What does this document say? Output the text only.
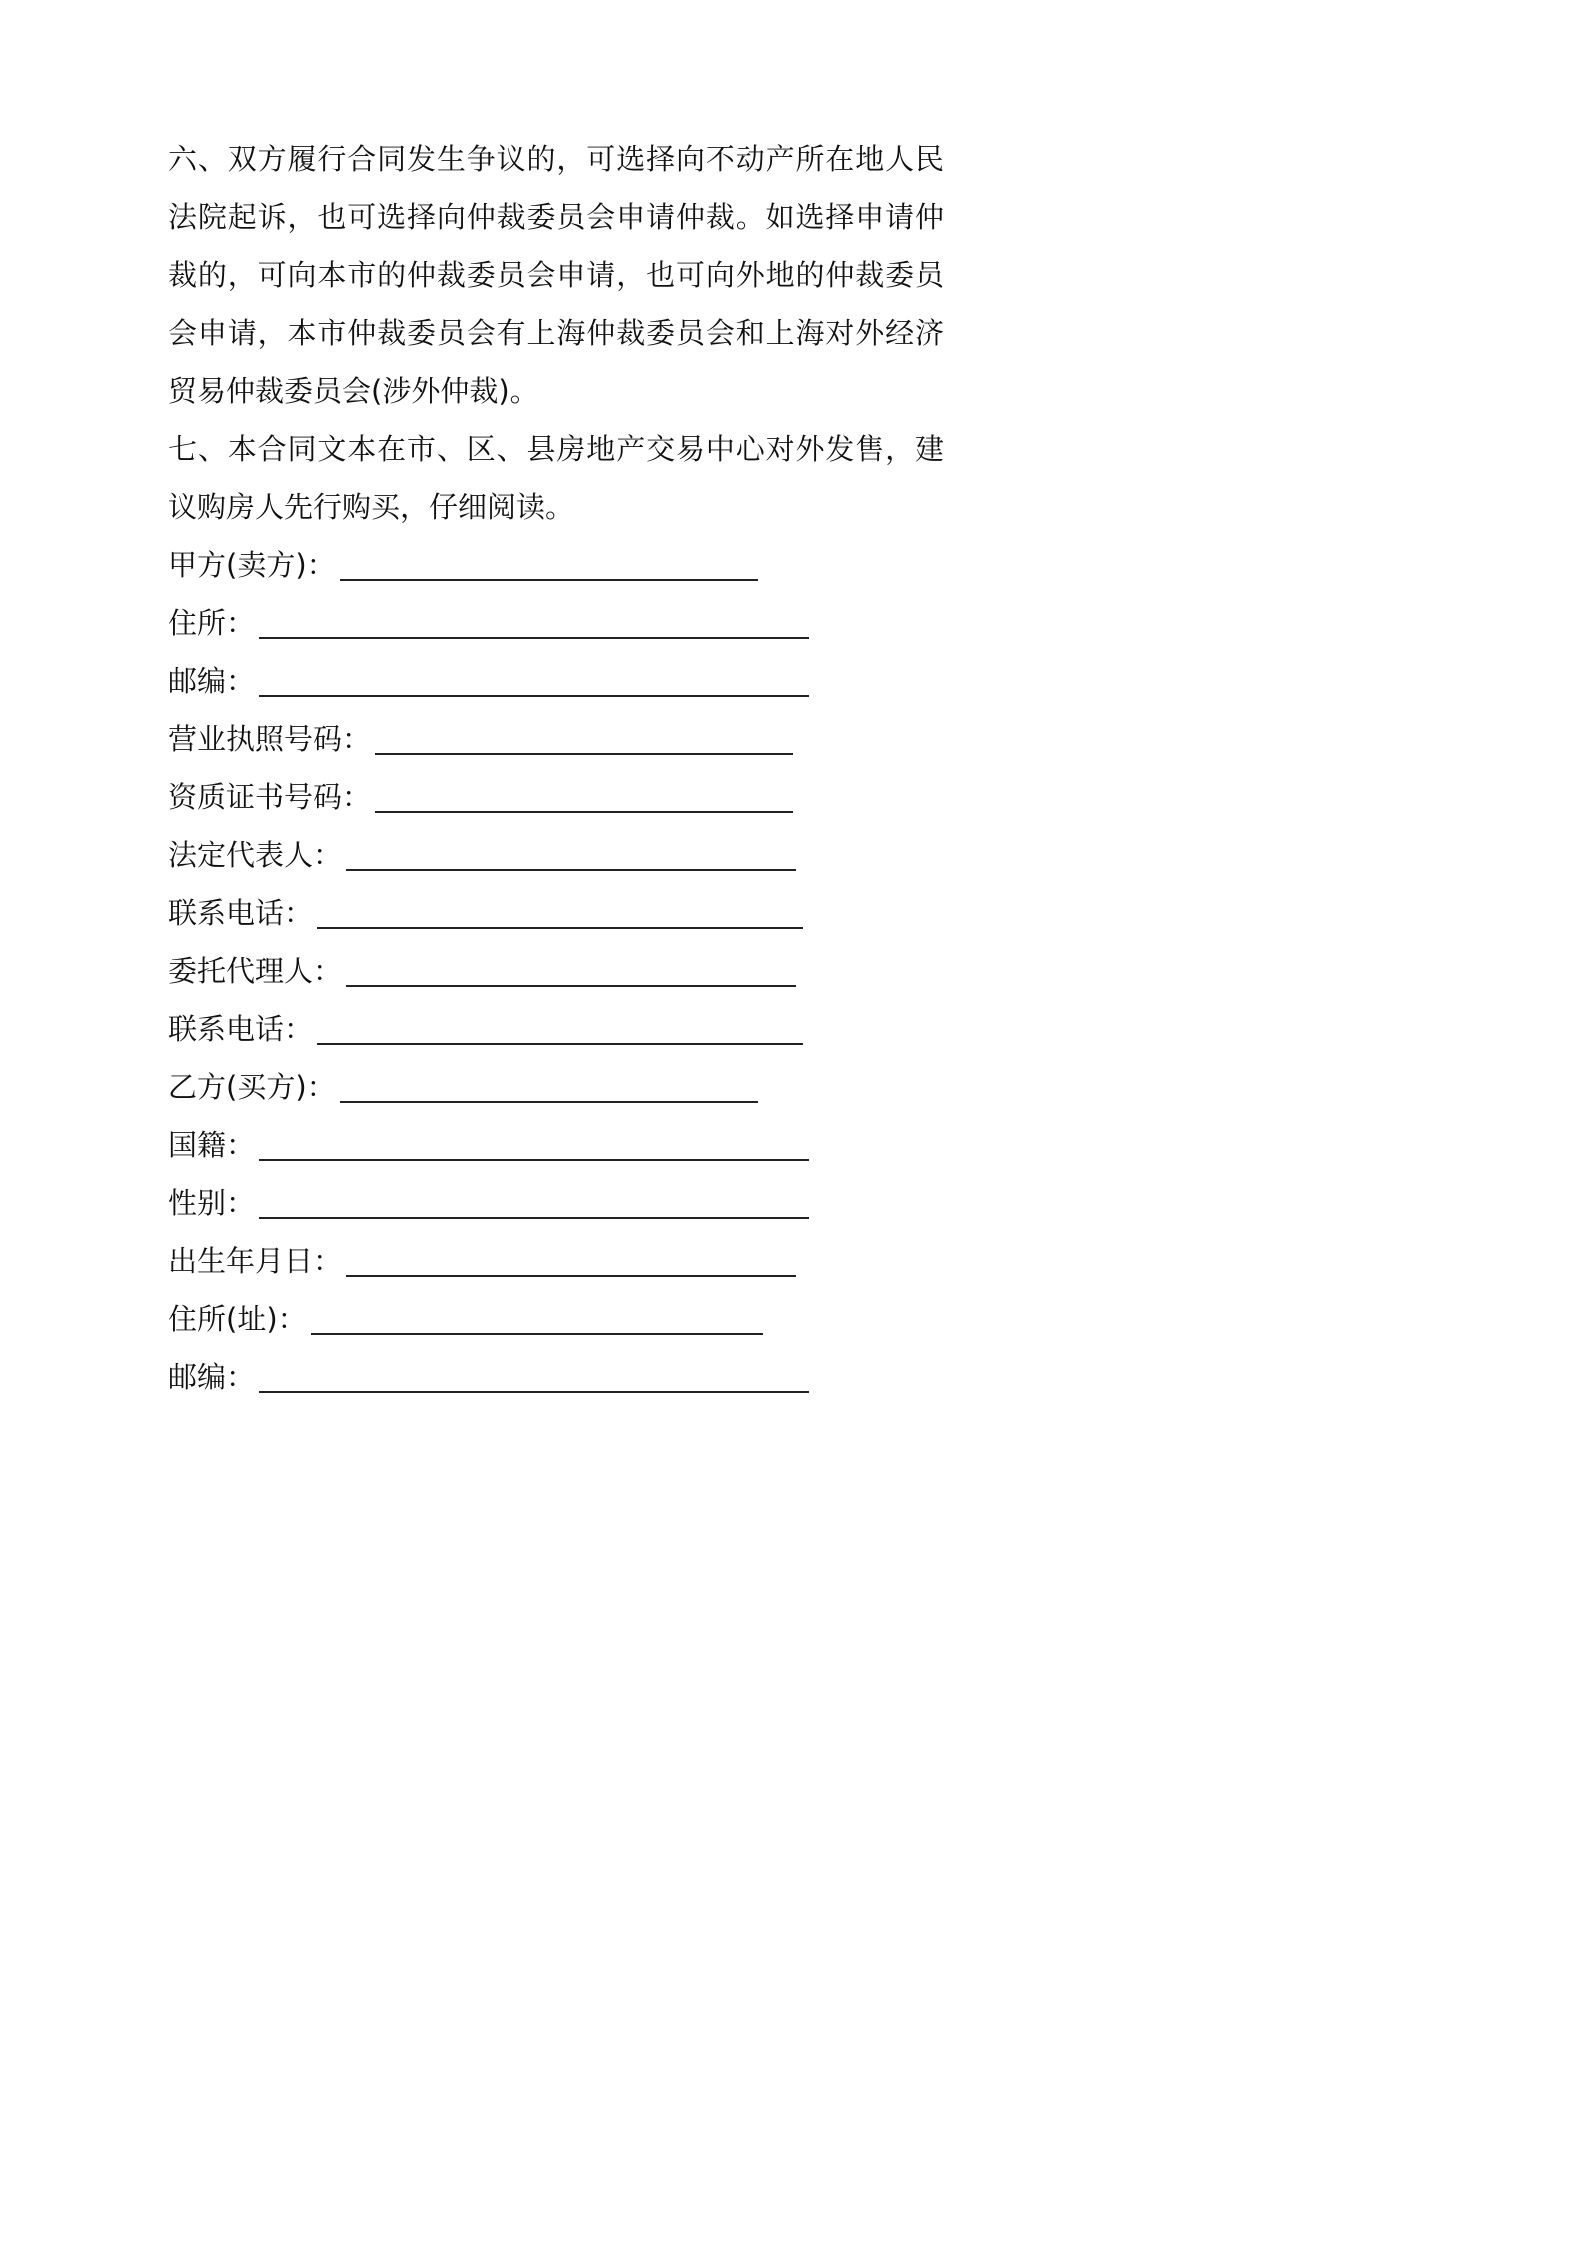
六、双方履行合同发生争议的，可选择向不动产所在地人民法院起诉，也可选择向仲裁委员会申请仲裁。如选择申请仲裁的，可向本市的仲裁委员会申请，也可向外地的仲裁委员会申请，本市仲裁委员会有上海仲裁委员会和上海对外经济贸易仲裁委员会(涉外仲裁)。

七、本合同文本在市、区、县房地产交易中心对外发售，建议购房人先行购买，仔细阅读。

甲方(卖方)：
住所：
邮编：
营业执照号码：
资质证书号码：
法定代表人：
联系电话：
委托代理人：
联系电话：
乙方(买方)：
国籍：
性别：
出生年月日：
住所(址)：
邮编：
